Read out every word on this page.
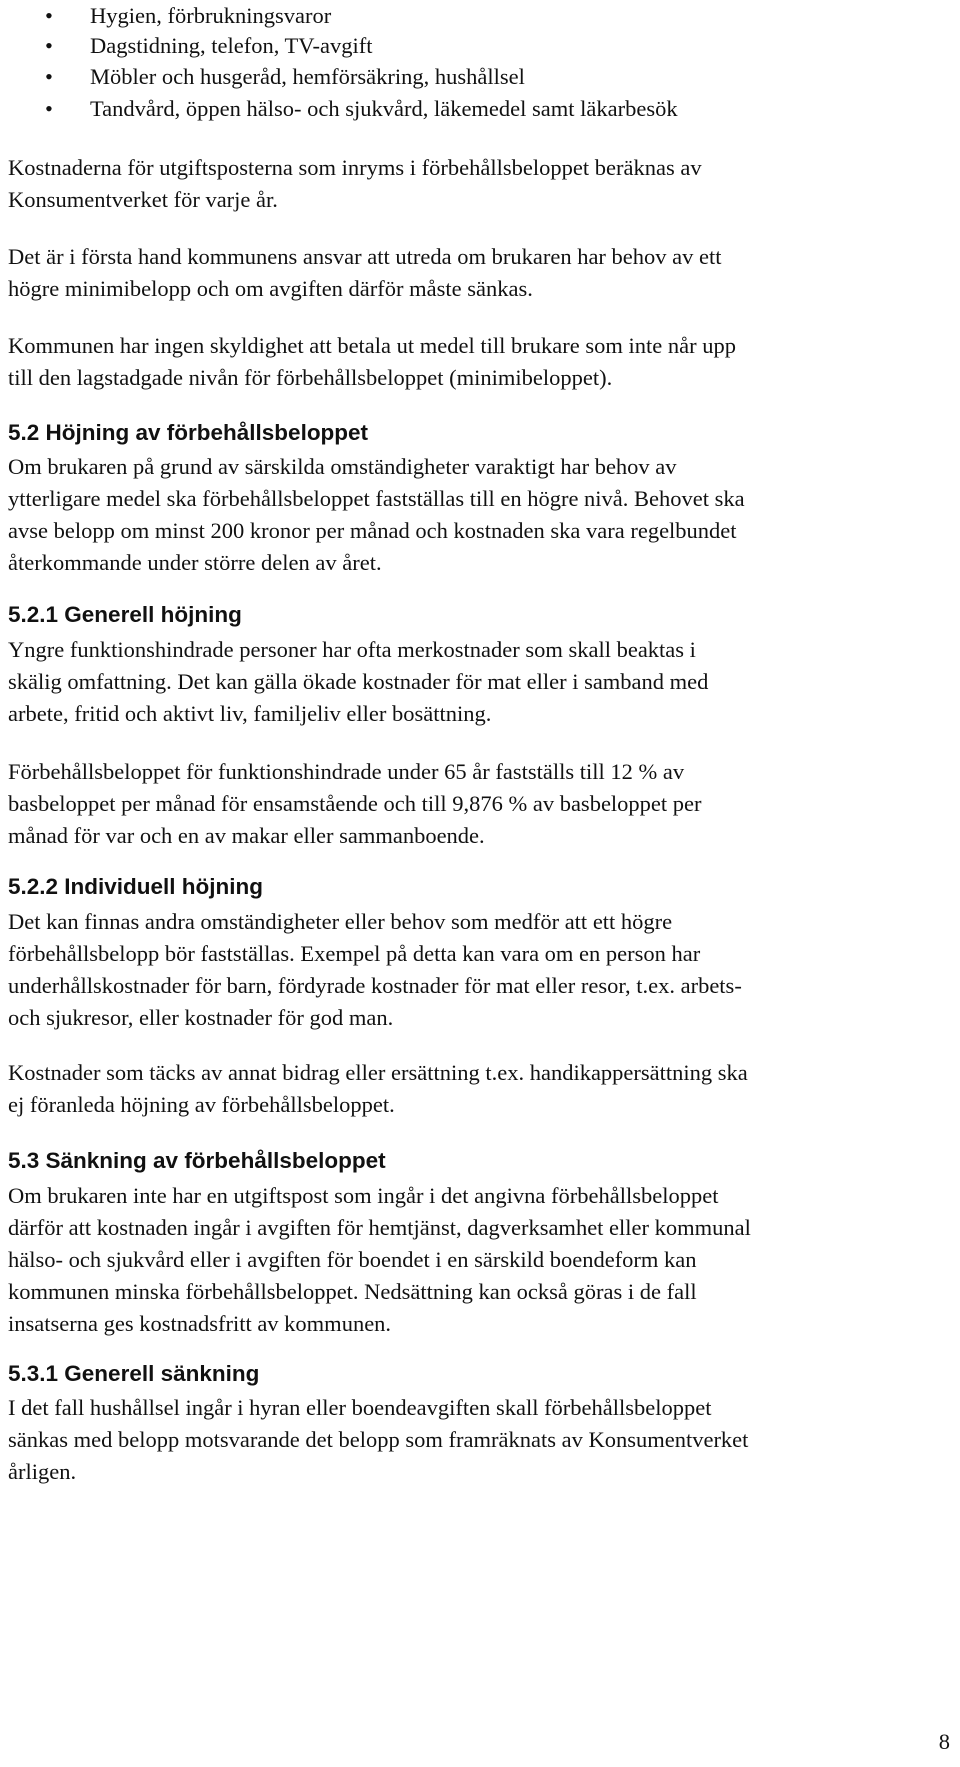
• Hygien, förbrukningsvaror
• Dagstidning, telefon, TV-avgift
• Möbler och husgeråd, hemförsäkring, hushållsel
• Tandvård, öppen hälso- och sjukvård, läkemedel samt läkarbesök

Kostnaderna för utgiftsposterna som inryms i förbehållsbeloppet beräknas av
Konsumentverket för varje år.

Det är i första hand kommunens ansvar att utreda om brukaren har behov av ett
högre minimibelopp och om avgiften därför måste sänkas.

Kommunen har ingen skyldighet att betala ut medel till brukare som inte når upp
till den lagstadgade nivån för förbehållsbeloppet (minimibeloppet).

5.2 Höjning av förbehållsbeloppet

Om brukaren på grund av särskilda omständigheter varaktigt har behov av
ytterligare medel ska förbehållsbeloppet fastställas till en högre nivå. Behovet ska
avse belopp om minst 200 kronor per månad och kostnaden ska vara regelbundet
återkommande under större delen av året.

5.2.1 Generell höjning

Yngre funktionshindrade personer har ofta merkostnader som skall beaktas i
skälig omfattning. Det kan gälla ökade kostnader för mat eller i samband med
arbete, fritid och aktivt liv, familjeliv eller bosättning.

Förbehållsbeloppet för funktionshindrade under 65 år fastställs till 12 % av
basbeloppet per månad för ensamstående och till 9,876 % av basbeloppet per
månad för var och en av makar eller sammanboende.

5.2.2 Individuell höjning

Det kan finnas andra omständigheter eller behov som medför att ett högre
förbehållsbelopp bör fastställas. Exempel på detta kan vara om en person har
underhållskostnader för barn, fördyrade kostnader för mat eller resor, t.ex. arbets-
och sjukresor, eller kostnader för god man.

Kostnader som täcks av annat bidrag eller ersättning t.ex. handikappersättning ska
ej föranleda höjning av förbehållsbeloppet.

5.3 Sänkning av förbehållsbeloppet

Om brukaren inte har en utgiftspost som ingår i det angivna förbehållsbeloppet
därför att kostnaden ingår i avgiften för hemtjänst, dagverksamhet eller kommunal
hälso- och sjukvård eller i avgiften för boendet i en särskild boendeform kan
kommunen minska förbehållsbeloppet. Nedsättning kan också göras i de fall
insatserna ges kostnadsfritt av kommunen.

5.3.1 Generell sänkning

I det fall hushållsel ingår i hyran eller boendeavgiften skall förbehållsbeloppet
sänkas med belopp motsvarande det belopp som framräknats av Konsumentverket
årligen.

8
